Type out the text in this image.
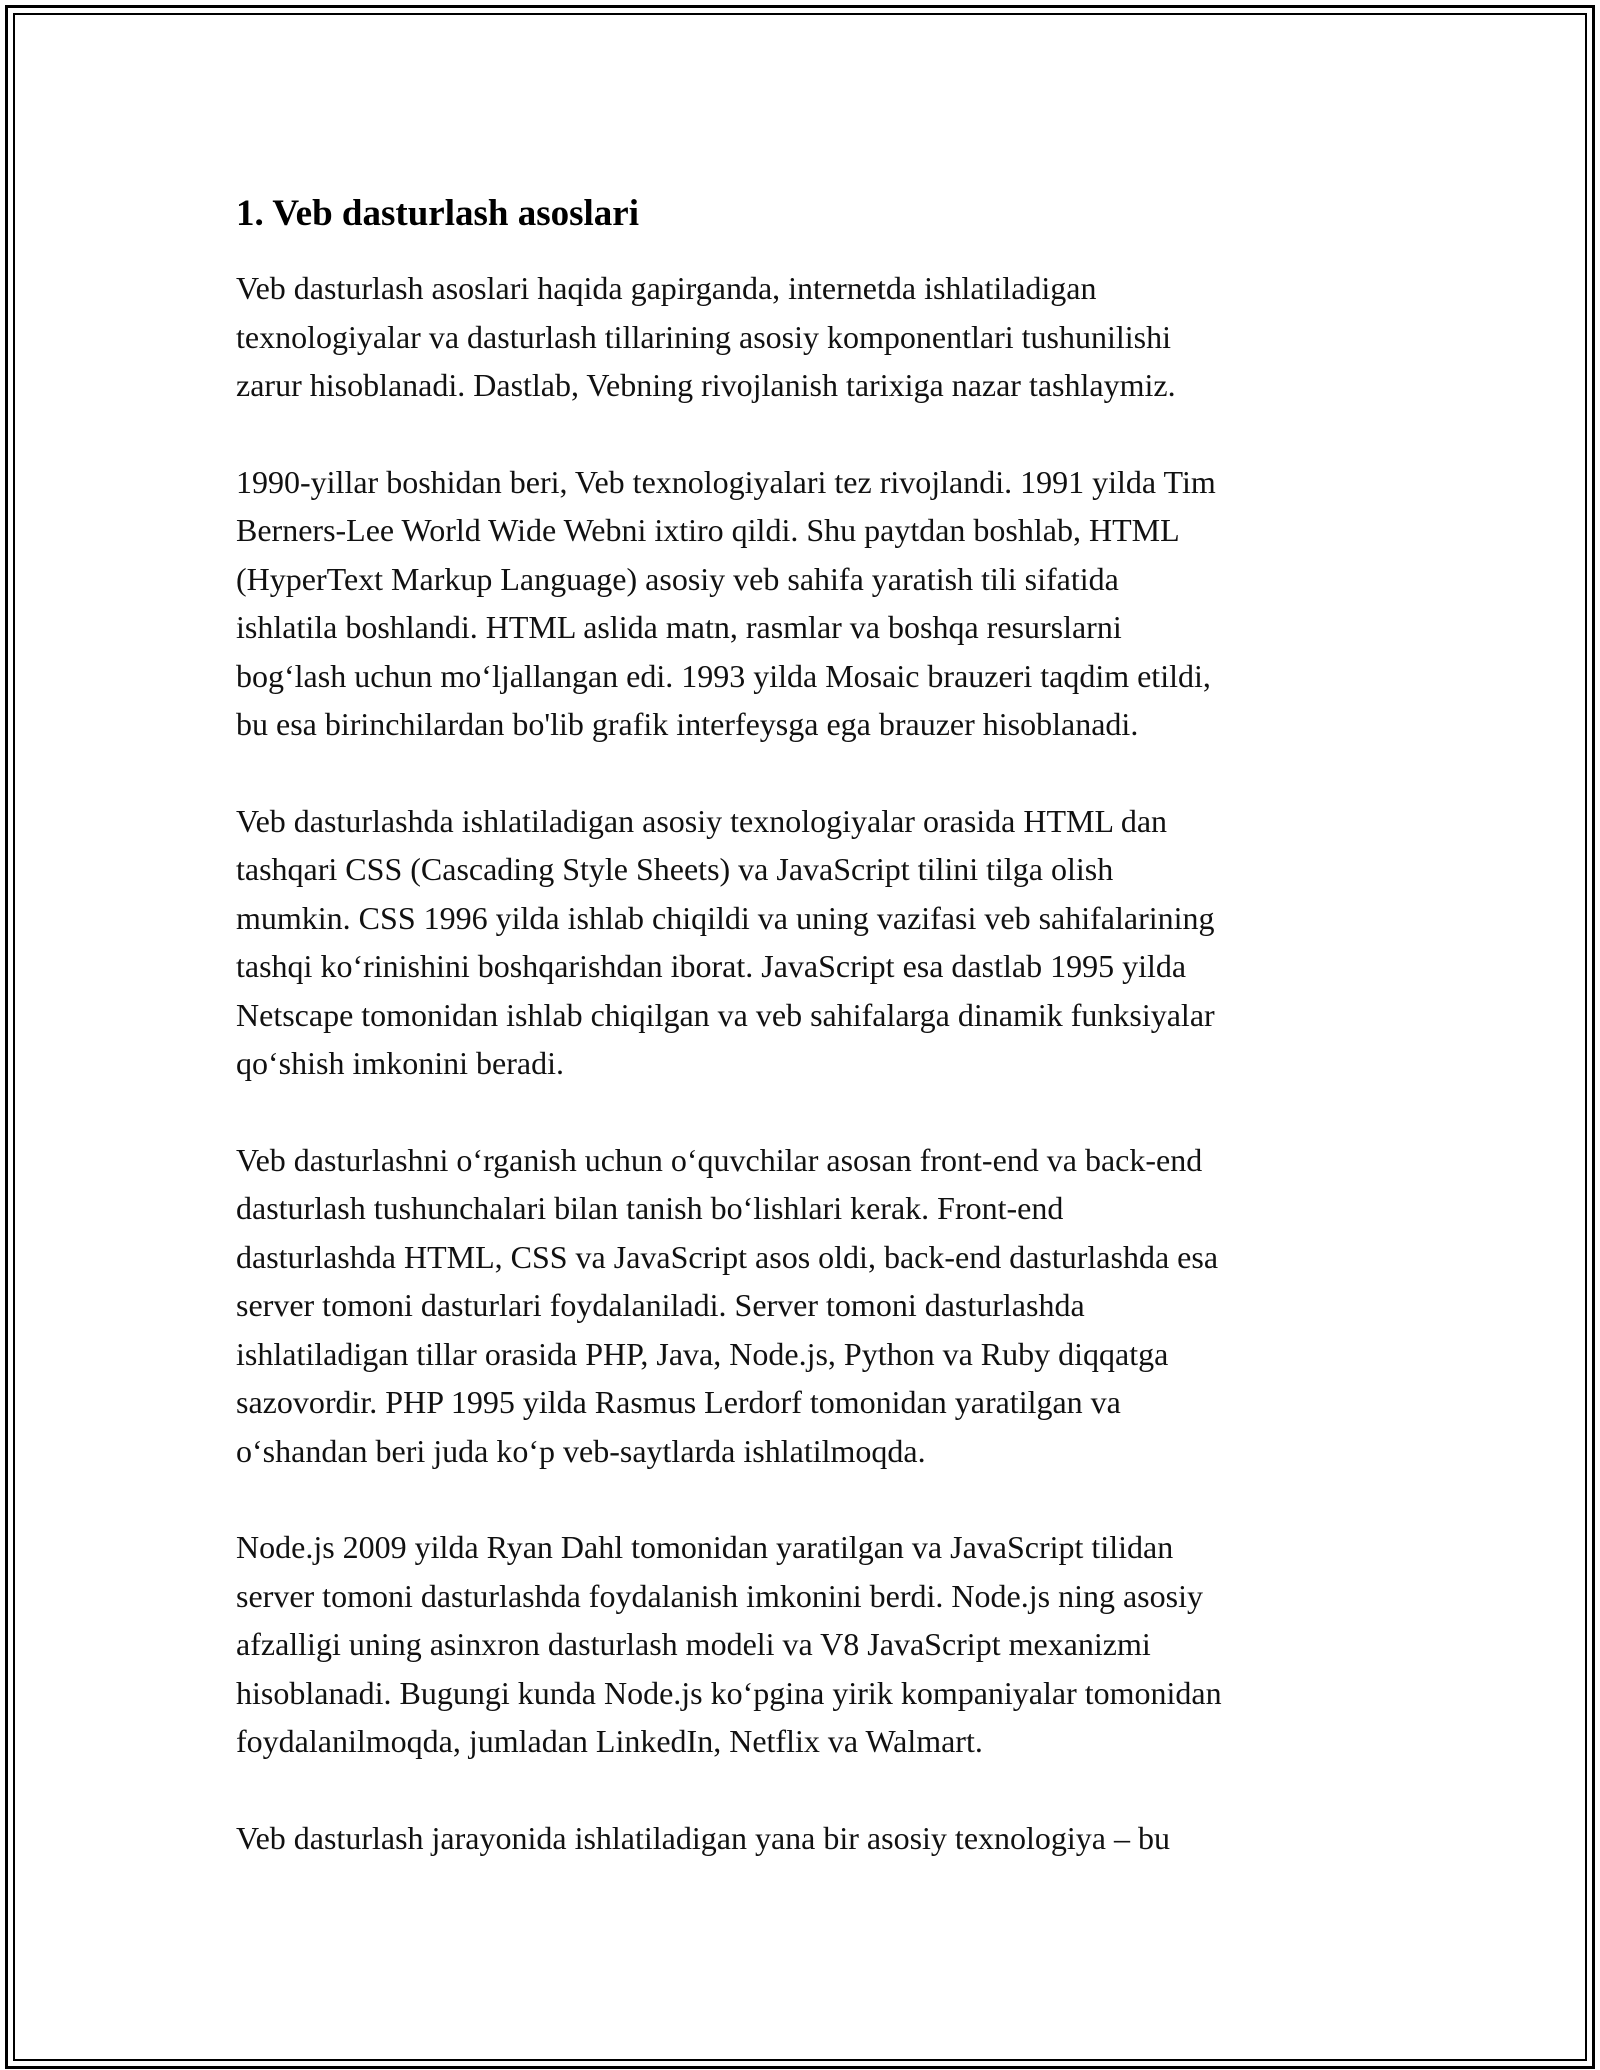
1. Veb dasturlash asoslari

Veb dasturlash asoslari haqida gapirganda, internetda ishlatiladigan
texnologiyalar va dasturlash tillarining asosiy komponentlari tushunilishi
zarur hisoblanadi. Dastlab, Vebning rivojlanish tarixiga nazar tashlaymiz.

1990-yillar boshidan beri, Veb texnologiyalari tez rivojlandi. 1991 yilda Tim
Berners-Lee World Wide Webni ixtiro qildi. Shu paytdan boshlab, HTML
(HyperText Markup Language) asosiy veb sahifa yaratish tili sifatida
ishlatila boshlandi. HTML aslida matn, rasmlar va boshqa resurslarni
bog‘lash uchun mo‘ljallangan edi. 1993 yilda Mosaic brauzeri taqdim etildi,
bu esa birinchilardan bo'lib grafik interfeysga ega brauzer hisoblanadi.

Veb dasturlashda ishlatiladigan asosiy texnologiyalar orasida HTML dan
tashqari CSS (Cascading Style Sheets) va JavaScript tilini tilga olish
mumkin. CSS 1996 yilda ishlab chiqildi va uning vazifasi veb sahifalarining
tashqi ko‘rinishini boshqarishdan iborat. JavaScript esa dastlab 1995 yilda
Netscape tomonidan ishlab chiqilgan va veb sahifalarga dinamik funksiyalar
qo‘shish imkonini beradi.

Veb dasturlashni o‘rganish uchun o‘quvchilar asosan front-end va back-end
dasturlash tushunchalari bilan tanish bo‘lishlari kerak. Front-end
dasturlashda HTML, CSS va JavaScript asos oldi, back-end dasturlashda esa
server tomoni dasturlari foydalaniladi. Server tomoni dasturlashda
ishlatiladigan tillar orasida PHP, Java, Node.js, Python va Ruby diqqatga
sazovordir. PHP 1995 yilda Rasmus Lerdorf tomonidan yaratilgan va
o‘shandan beri juda ko‘p veb-saytlarda ishlatilmoqda.

Node.js 2009 yilda Ryan Dahl tomonidan yaratilgan va JavaScript tilidan
server tomoni dasturlashda foydalanish imkonini berdi. Node.js ning asosiy
afzalligi uning asinxron dasturlash modeli va V8 JavaScript mexanizmi
hisoblanadi. Bugungi kunda Node.js ko‘pgina yirik kompaniyalar tomonidan
foydalanilmoqda, jumladan LinkedIn, Netflix va Walmart.

Veb dasturlash jarayonida ishlatiladigan yana bir asosiy texnologiya – bu
